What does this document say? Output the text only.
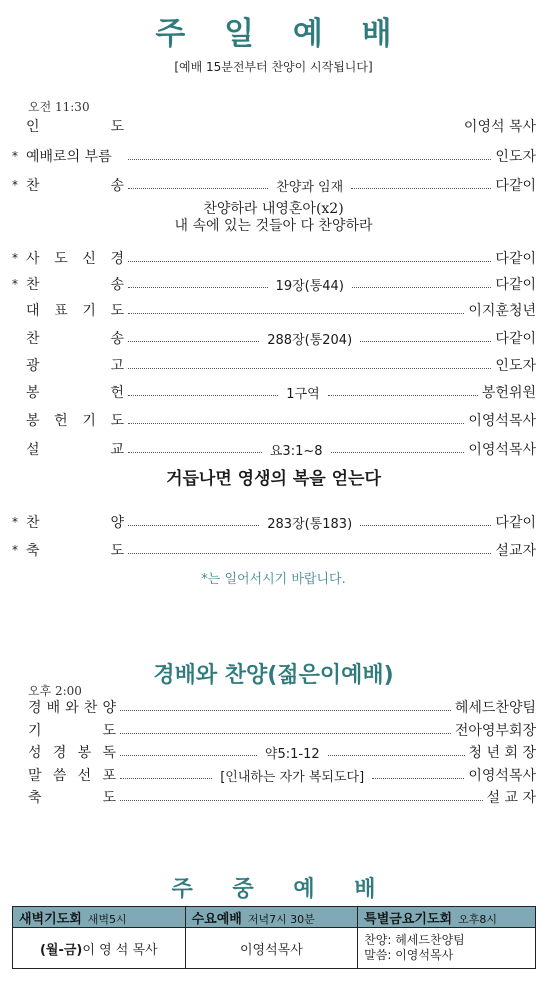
주 일 예 배
[예배 15분전부터 찬양이 시작됩니다]
오전 11:30
인	도	이영석 목사
* 예배로의 부름	인도자
* 찬	송	찬양과 임재	다같이
* 사 도 신 경	다같이
* 찬	송	19장(통44)	다같이
대 표 기 도	이지훈청년
찬	송	288장(통204)	다같이
광	고	인도자
봉	헌	1구역	봉헌위원
봉 헌 기 도	이영석목사
설	교	요3:1~8	이영석목사
* 찬	양	283장(통183)	다같이
* 축	도	설교자
찬양하라 내영혼아(x2)
내 속에 있는 것들아 다 찬양하라
거듭나면 영생의 복을 얻는다
*는 일어서시기 바랍니다.
경배와 찬양(젊은이예배)
오후 2:00
경 배 와 찬 양	헤세드찬양팀
기	도	전아영부회장
성 경 봉 독	약5:1-12	청 년 회 장
말 씀 선 포	[인내하는 자가 복되도다]	이영석목사
축	도	설 교 자
주 중 예 배
새벽기도회 새벽5시	수요예배 저녁7시 30분	특별금요기도회 오후8시
(월-금)이 영 석 목사	이영석목사	찬양: 헤세드찬양팀
말씀: 이영석목사
